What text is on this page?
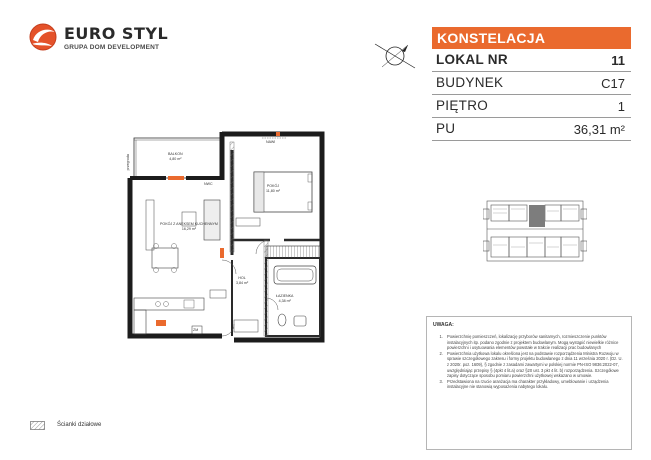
EURO STYL
GRUPA DOM DEVELOPMENT
KONSTELACJA
LOKAL NR	11
BUDYNEK	C17
PIĘTRO	1
PU	36,31 m²
BALKON
4,80 m²
POKÓJ
11,80 m²
POKÓJ Z ANEKSEM KUCHENNYM
16,29 m²
HOL
3,84 m²
ŁAZIENKA
4,38 m²
NAWI
NWC
przegroda
ZM
UWAGA:
1. Powierzchnię pomieszczeń, lokalizację przyborów sanitarnych, rozmieszczenie punktów instalacyjnych itp. podano zgodnie z projektem budowlanym. Mogą wystąpić niewielkie różnice powierzchni i usytuowania elementów powstałe w trakcie realizacji prac budowlanych
2. Powierzchnia użytkowa lokalu określona jest na podstawie rozporządzenia Ministra Rozwoju w sprawie szczegółowego zakresu i formy projektu budowlanego z dnia 11 września 2020 r. (Dz. U. z 2020r. poz. 1609), § zgodnie z zasadami zawartymi w polskiej normie PN-ISO 9836:2022-07, uwzględniając przepisy § (4pkt 4 lit.a) oraz §20 ust. 3 pkt 4 lit. b) rozporządzenia. Szczegółowe zapisy dotyczące sposobu pomiaru powierzchni użytkowej wskazano w umowie.
3. Przedstawiona na rzucie aranżacja ma charakter przykładowy, umeblowanie i urządzenia instalacyjne nie stanowią wyposażenia nabytego lokalu.
Ścianki działowe
